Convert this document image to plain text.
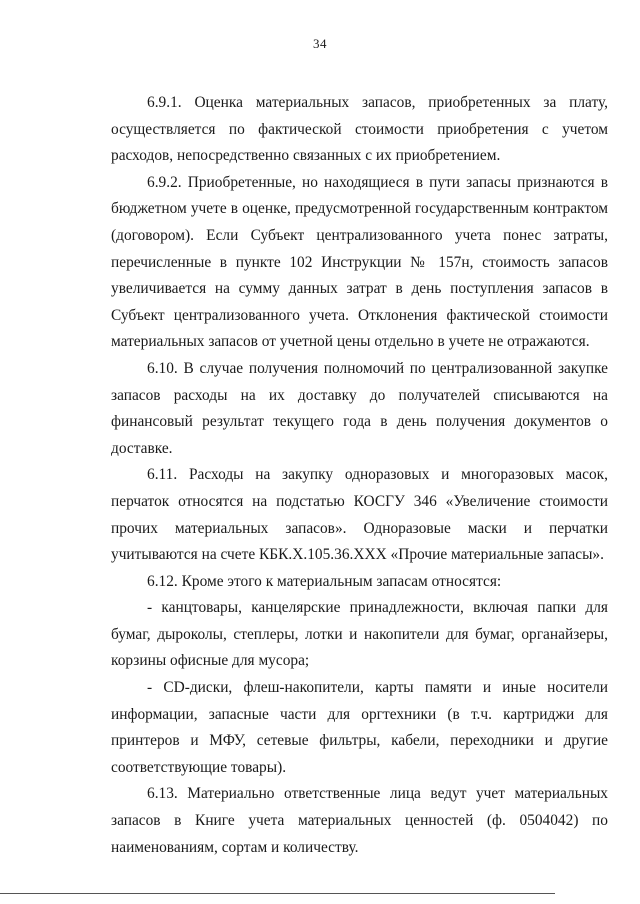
34

6.9.1. Оценка материальных запасов, приобретенных за плату, осуществляется по фактической стоимости приобретения с учетом расходов, непосредственно связанных с их приобретением.

6.9.2. Приобретенные, но находящиеся в пути запасы признаются в бюджетном учете в оценке, предусмотренной государственным контрактом (договором). Если Субъект централизованного учета понес затраты, перечисленные в пункте 102 Инструкции № 157н, стоимость запасов увеличивается на сумму данных затрат в день поступления запасов в Субъект централизованного учета. Отклонения фактической стоимости материальных запасов от учетной цены отдельно в учете не отражаются.

6.10. В случае получения полномочий по централизованной закупке запасов расходы на их доставку до получателей списываются на финансовый результат текущего года в день получения документов о доставке.

6.11. Расходы на закупку одноразовых и многоразовых масок, перчаток относятся на подстатью КОСГУ 346 «Увеличение стоимости прочих материальных запасов». Одноразовые маски и перчатки учитываются на счете КБК.Х.105.36.ХХХ «Прочие материальные запасы».

6.12. Кроме этого к материальным запасам относятся:

- канцтовары, канцелярские принадлежности, включая папки для бумаг, дыроколы, степлеры, лотки и накопители для бумаг, органайзеры, корзины офисные для мусора;

- CD-диски, флеш-накопители, карты памяти и иные носители информации, запасные части для оргтехники (в т.ч. картриджи для принтеров и МФУ, сетевые фильтры, кабели, переходники и другие соответствующие товары).

6.13. Материально ответственные лица ведут учет материальных запасов в Книге учета материальных ценностей (ф. 0504042) по наименованиям, сортам и количеству.
